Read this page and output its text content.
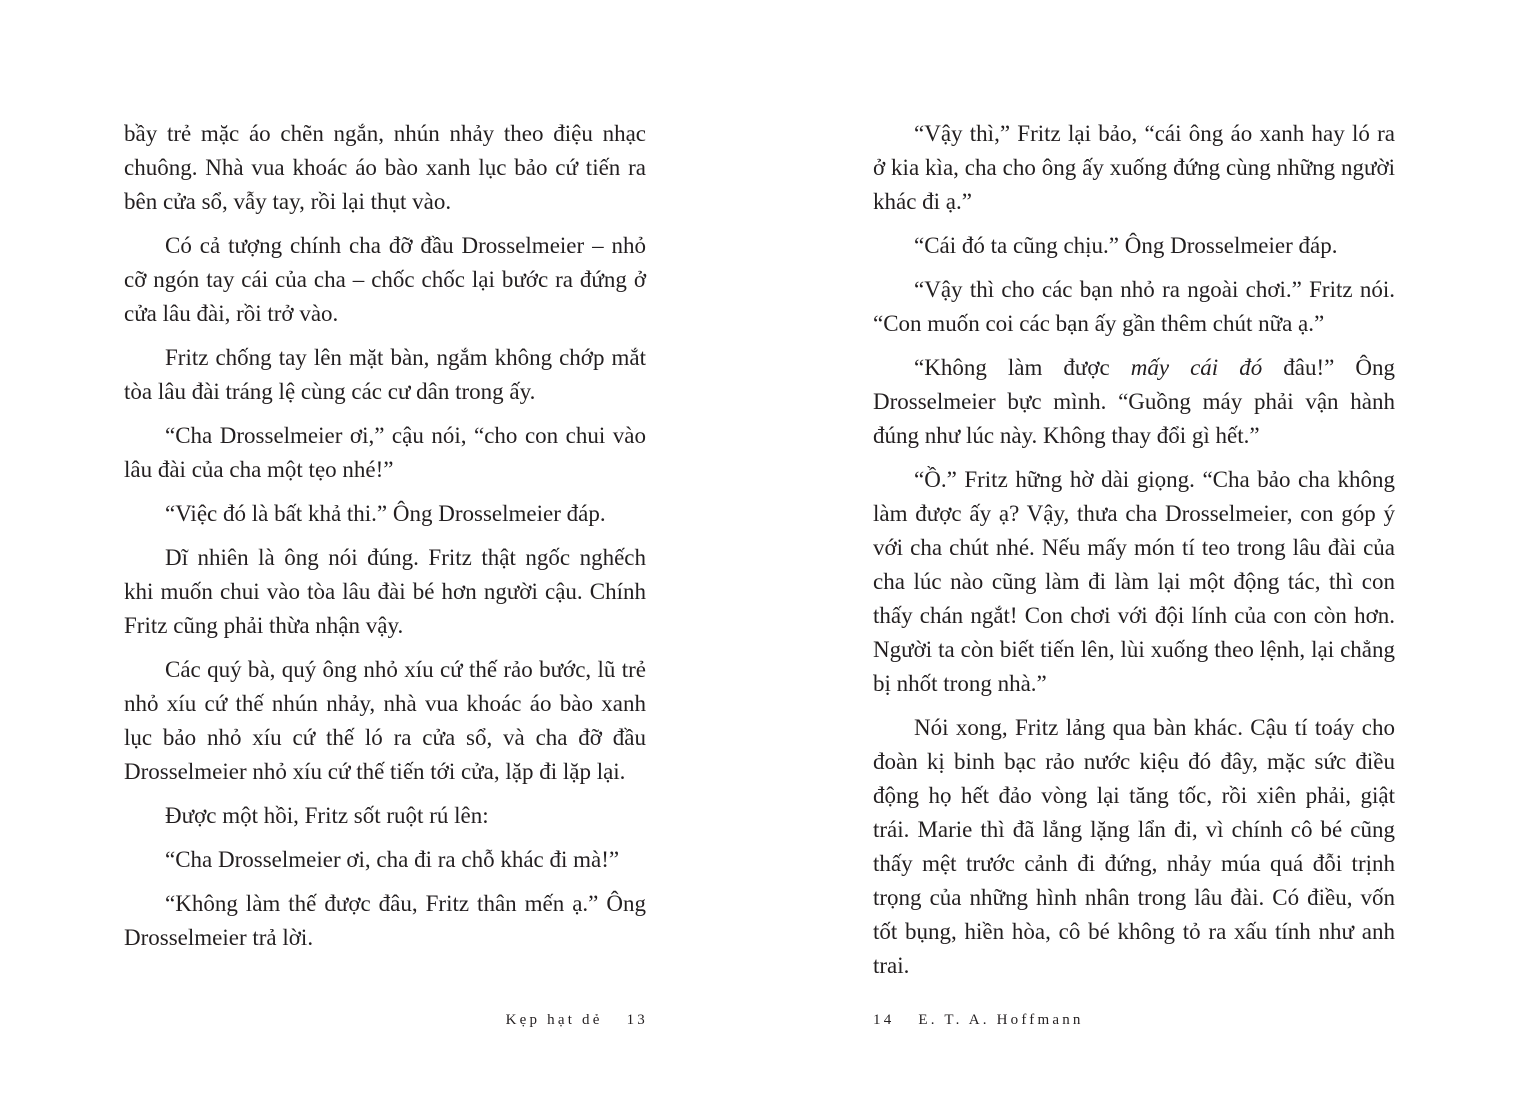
bầy trẻ mặc áo chẽn ngắn, nhún nhảy theo điệu nhạc chuông. Nhà vua khoác áo bào xanh lục bảo cứ tiến ra bên cửa sổ, vẫy tay, rồi lại thụt vào.

Có cả tượng chính cha đỡ đầu Drosselmeier – nhỏ cỡ ngón tay cái của cha – chốc chốc lại bước ra đứng ở cửa lâu đài, rồi trở vào.

Fritz chống tay lên mặt bàn, ngắm không chớp mắt tòa lâu đài tráng lệ cùng các cư dân trong ấy.

“Cha Drosselmeier ơi,” cậu nói, “cho con chui vào lâu đài của cha một tẹo nhé!”

“Việc đó là bất khả thi.” Ông Drosselmeier đáp.

Dĩ nhiên là ông nói đúng. Fritz thật ngốc nghếch khi muốn chui vào tòa lâu đài bé hơn người cậu. Chính Fritz cũng phải thừa nhận vậy.

Các quý bà, quý ông nhỏ xíu cứ thế rảo bước, lũ trẻ nhỏ xíu cứ thế nhún nhảy, nhà vua khoác áo bào xanh lục bảo nhỏ xíu cứ thế ló ra cửa sổ, và cha đỡ đầu Drosselmeier nhỏ xíu cứ thế tiến tới cửa, lặp đi lặp lại.

Được một hồi, Fritz sốt ruột rú lên:

“Cha Drosselmeier ơi, cha đi ra chỗ khác đi mà!”

“Không làm thế được đâu, Fritz thân mến ạ.” Ông Drosselmeier trả lời.

Kẹp hạt dẻ 13

“Vậy thì,” Fritz lại bảo, “cái ông áo xanh hay ló ra ở kia kìa, cha cho ông ấy xuống đứng cùng những người khác đi ạ.”

“Cái đó ta cũng chịu.” Ông Drosselmeier đáp.

“Vậy thì cho các bạn nhỏ ra ngoài chơi.” Fritz nói. “Con muốn coi các bạn ấy gần thêm chút nữa ạ.”

“Không làm được mấy cái đó đâu!” Ông Drosselmeier bực mình. “Guồng máy phải vận hành đúng như lúc này. Không thay đổi gì hết.”

“Ồ.” Fritz hững hờ dài giọng. “Cha bảo cha không làm được ấy ạ? Vậy, thưa cha Drosselmeier, con góp ý với cha chút nhé. Nếu mấy món tí teo trong lâu đài của cha lúc nào cũng làm đi làm lại một động tác, thì con thấy chán ngắt! Con chơi với đội lính của con còn hơn. Người ta còn biết tiến lên, lùi xuống theo lệnh, lại chẳng bị nhốt trong nhà.”

Nói xong, Fritz lảng qua bàn khác. Cậu tí toáy cho đoàn kị binh bạc rảo nước kiệu đó đây, mặc sức điều động họ hết đảo vòng lại tăng tốc, rồi xiên phải, giật trái. Marie thì đã lẳng lặng lẩn đi, vì chính cô bé cũng thấy mệt trước cảnh đi đứng, nhảy múa quá đỗi trịnh trọng của những hình nhân trong lâu đài. Có điều, vốn tốt bụng, hiền hòa, cô bé không tỏ ra xấu tính như anh trai.

14 E. T. A. Hoffmann
